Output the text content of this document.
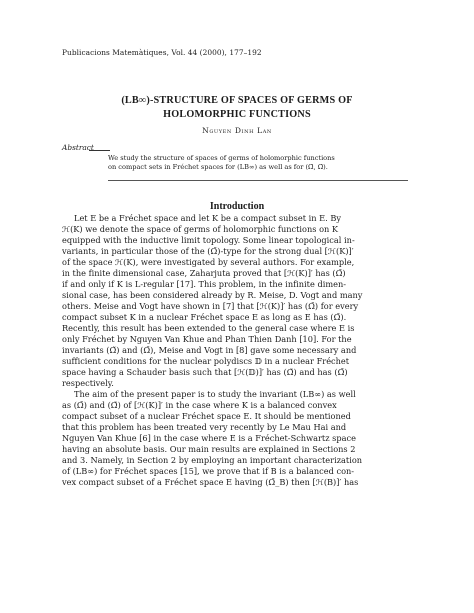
Publicacions Matemàtiques, Vol. 44 (2000), 177–192
(LB∞)-STRUCTURE OF SPACES OF GERMS OF
HOLOMORPHIC FUNCTIONS
Nguyen Dinh Lan
Abstract
We study the structure of spaces of germs of holomorphic functions
on compact sets in Fréchet spaces for (LB∞) as well as for (Ω̄, Ω̄).
Introduction
Let E be a Fréchet space and let K be a compact subset in E. By
ℋ(K) we denote the space of germs of holomorphic functions on K
equipped with the inductive limit topology. Some linear topological in-
variants, in particular those of the (Ω̄)-type for the strong dual [ℋ(K)]′
of the space ℋ(K), were investigated by several authors. For example,
in the finite dimensional case, Zaharjuta proved that [ℋ(K)]′ has (Ω̄)
if and only if K is L-regular [17]. This problem, in the infinite dimen-
sional case, has been considered already by R. Meise, D. Vogt and many
others. Meise and Vogt have shown in [7] that [ℋ(K)]′ has (Ω̄) for every
compact subset K in a nuclear Fréchet space E as long as E has (Ω̄).
Recently, this result has been extended to the general case where E is
only Fréchet by Nguyen Van Khue and Phan Thien Danh [10]. For the
invariants (Ω̃) and (Ω̄), Meise and Vogt in [8] gave some necessary and
sufficient conditions for the nuclear polydiscs 𝔻 in a nuclear Fréchet
space having a Schauder basis such that [ℋ(𝔻)]′ has (Ω̃) and has (Ω̄)
respectively.
The aim of the present paper is to study the invariant (LB∞) as well
as (Ω̄) and (Ω̃) of [ℋ(K)]′ in the case where K is a balanced convex
compact subset of a nuclear Fréchet space E. It should be mentioned
that this problem has been treated very recently by Le Mau Hai and
Nguyen Van Khue [6] in the case where E is a Fréchet-Schwartz space
having an absolute basis. Our main results are explained in Sections 2
and 3. Namely, in Section 2 by employing an important characterization
of (LB∞) for Fréchet spaces [15], we prove that if B is a balanced con-
vex compact subset of a Fréchet space E having (Ω̄_B) then [ℋ(B)]′ has
